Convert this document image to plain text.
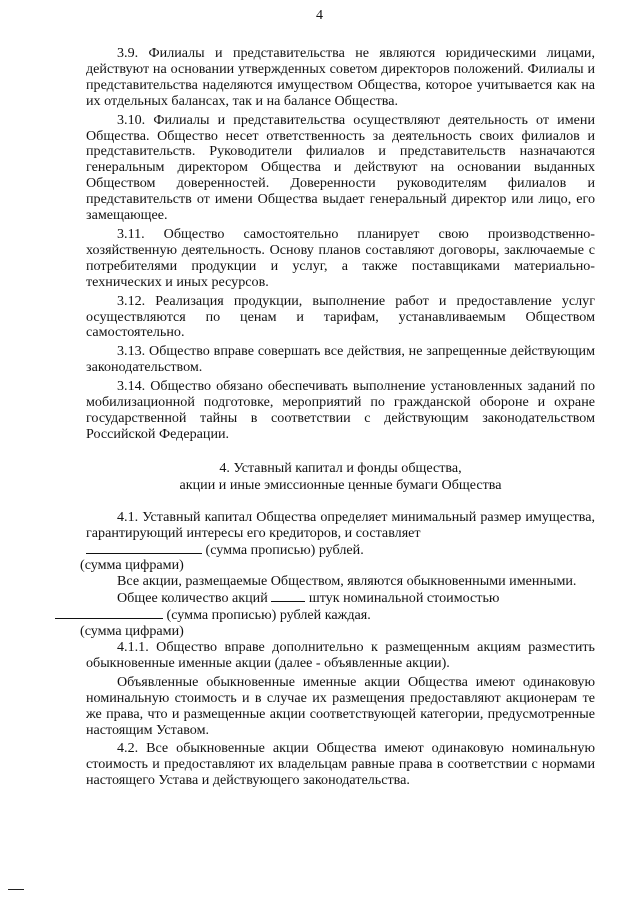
4

3.9. Филиалы и представительства не являются юридическими лицами, действуют на основании утвержденных советом директоров положений. Филиалы и представительства наделяются имуществом Общества, которое учитывается как на их отдельных балансах, так и на балансе Общества.

3.10. Филиалы и представительства осуществляют деятельность от имени Общества. Общество несет ответственность за деятельность своих филиалов и представительств. Руководители филиалов и представительств назначаются генеральным директором Общества и действуют на основании выданных Обществом доверенностей. Доверенности руководителям филиалов и представительств от имени Общества выдает генеральный директор или лицо, его замещающее.

3.11. Общество самостоятельно планирует свою производственно-хозяйственную деятельность. Основу планов составляют договоры, заключаемые с потребителями продукции и услуг, а также поставщиками материально-технических и иных ресурсов.

3.12. Реализация продукции, выполнение работ и предоставление услуг осуществляются по ценам и тарифам, устанавливаемым Обществом самостоятельно.

3.13. Общество вправе совершать все действия, не запрещенные действующим законодательством.

3.14. Общество обязано обеспечивать выполнение установленных заданий по мобилизационной подготовке, мероприятий по гражданской обороне и охране государственной тайны в соответствии с действующим законодательством Российской Федерации.

4. Уставный капитал и фонды общества,
акции и иные эмиссионные ценные бумаги Общества

4.1. Уставный капитал Общества определяет минимальный размер имущества, гарантирующий интересы его кредиторов, и составляет
(сумма прописью) рублей.

(сумма цифрами)

Все акции, размещаемые Обществом, являются обыкновенными именными.

Общее количество акций	штук номинальной стоимостью
(сумма прописью) рублей каждая.

(сумма цифрами)

4.1.1. Общество вправе дополнительно к размещенным акциям разместить обыкновенные именные акции (далее - объявленные акции).

Объявленные обыкновенные именные акции Общества имеют одинаковую номинальную стоимость и в случае их размещения предоставляют акционерам те же права, что и размещенные акции соответствующей категории, предусмотренные настоящим Уставом.

4.2. Все обыкновенные акции Общества имеют одинаковую номинальную стоимость и предоставляют их владельцам равные права в соответствии с нормами настоящего Устава и действующего законодательства.
